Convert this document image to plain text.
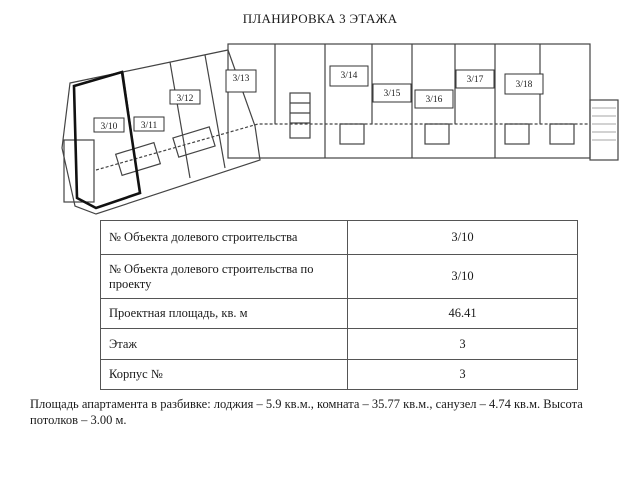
ПЛАНИРОВКА 3 ЭТАЖА
3/10 3/11
3/12
3/13	3/14
3/15
3/16
3/17	3/18
№ Объекта долевого строительства	3/10
№ Объекта долевого строительства по проекту	3/10
Проектная площадь, кв. м	46.41
Этаж	3
Корпус №	3
Площадь апартамента в разбивке: лоджия – 5.9 кв.м., комната – 35.77 кв.м., санузел – 4.74 кв.м. Высота
потолков – 3.00 м.
